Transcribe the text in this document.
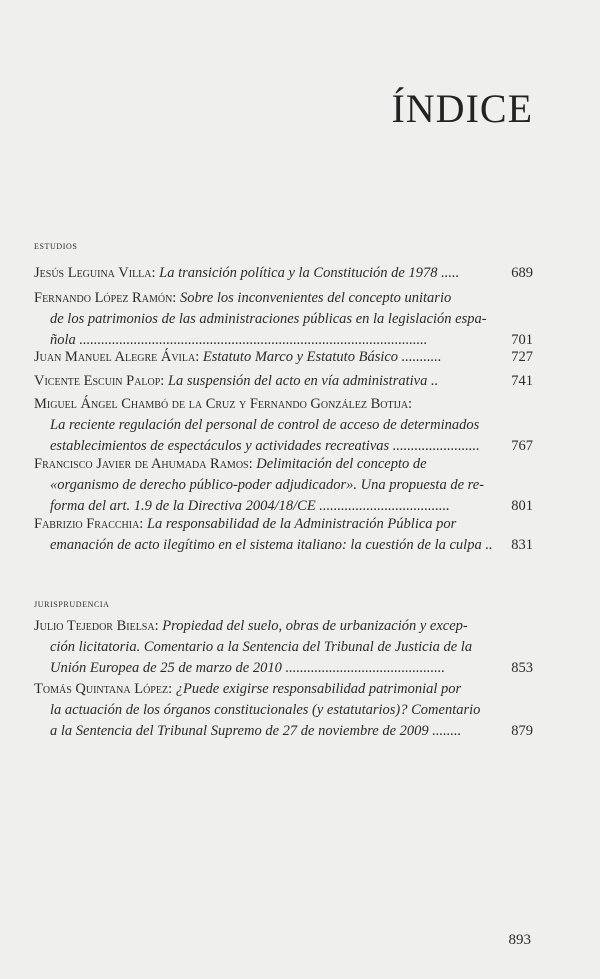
ÍNDICE
estudios
Jesús Leguina Villa: La transición política y la Constitución de 1978 .....	689
Fernando López Ramón: Sobre los inconvenientes del concepto unitario
de los patrimonios de las administraciones públicas en la legislación espa-
ñola ................................................................................................	701
Juan Manuel Alegre Ávila: Estatuto Marco y Estatuto Básico ...........	727
Vicente Escuin Palop: La suspensión del acto en vía administrativa ..	741
Miguel Ángel Chambó de la Cruz y Fernando González Botija:
La reciente regulación del personal de control de acceso de determinados
establecimientos de espectáculos y actividades recreativas ........................ 767
Francisco Javier de Ahumada Ramos: Delimitación del concepto de
«organismo de derecho público-poder adjudicador». Una propuesta de re-
forma del art. 1.9 de la Directiva 2004/18/CE ....................................	801
Fabrizio Fracchia: La responsabilidad de la Administración Pública por
emanación de acto ilegítimo en el sistema italiano: la cuestión de la culpa .. 831
jurisprudencia
Julio Tejedor Bielsa: Propiedad del suelo, obras de urbanización y excep-
ción licitatoria. Comentario a la Sentencia del Tribunal de Justicia de la
Unión Europea de 25 de marzo de 2010 ............................................	853
Tomás Quintana López: ¿Puede exigirse responsabilidad patrimonial por
la actuación de los órganos constitucionales (y estatutarios)? Comentario
a la Sentencia del Tribunal Supremo de 27 de noviembre de 2009 ........	879
893
